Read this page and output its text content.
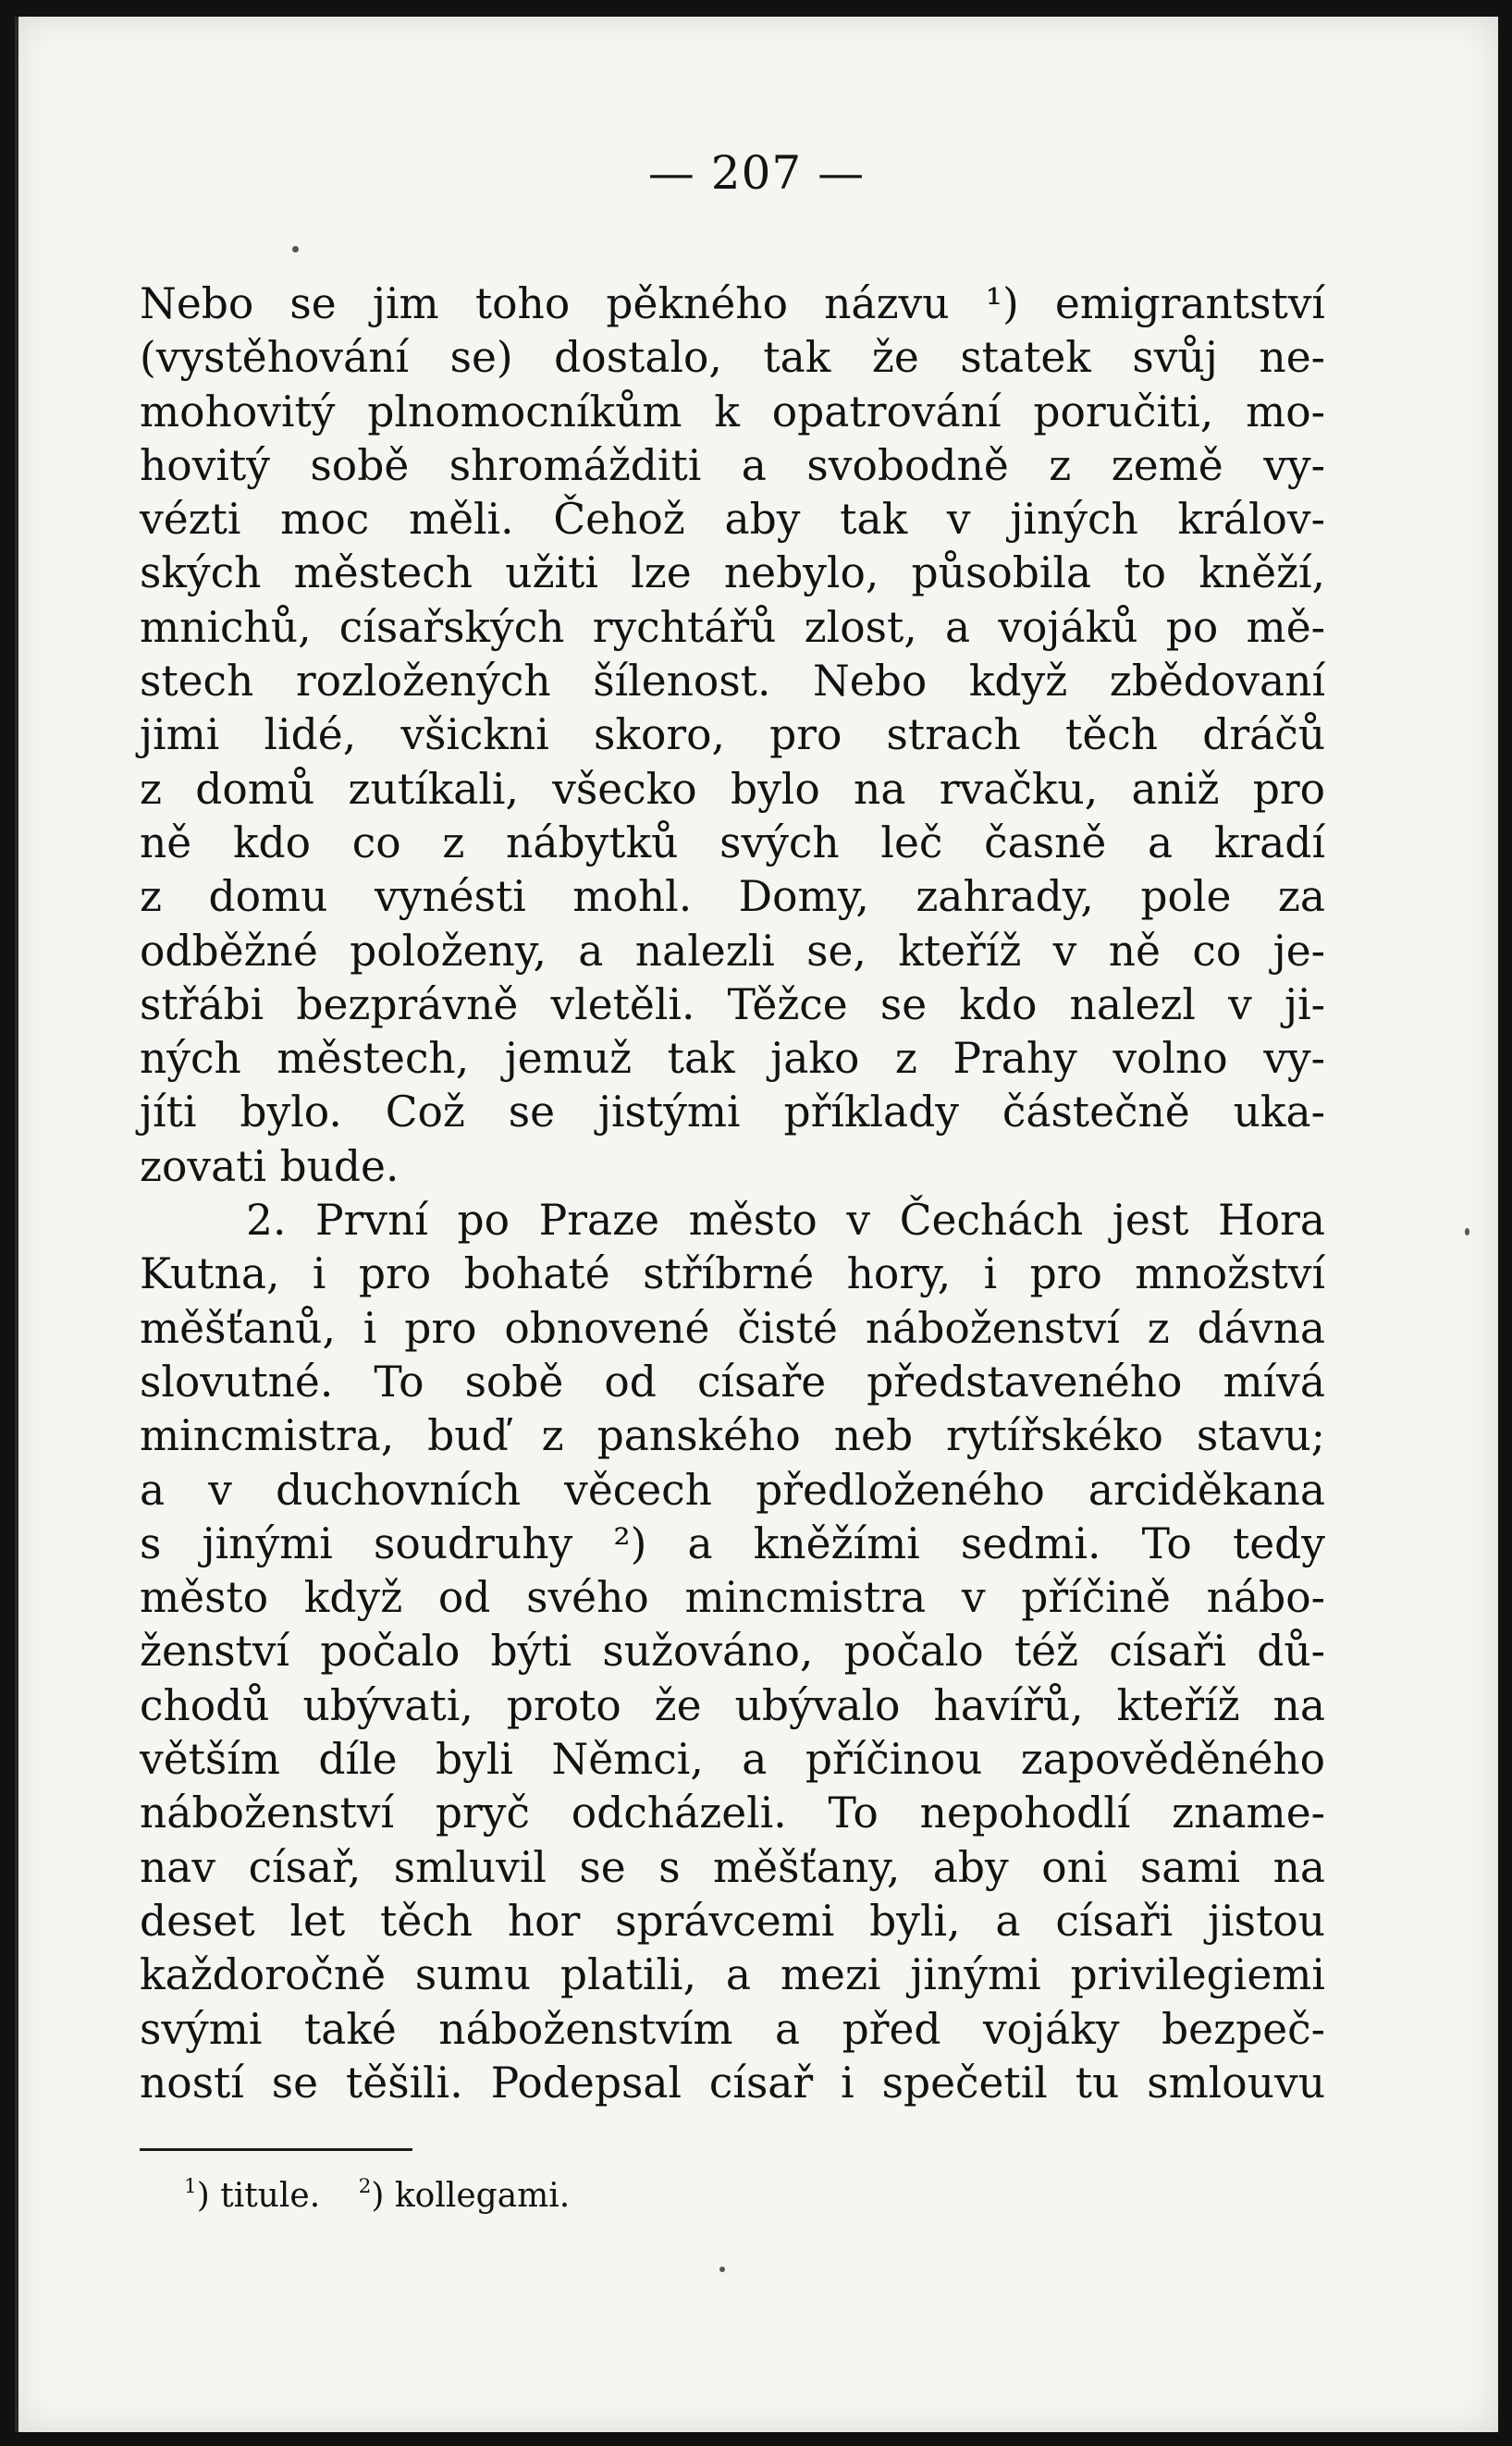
— 207 —
Nebo se jim toho pěkného názvu ¹) emigrantství
(vystěhování se) dostalo, tak že statek svůj ne-
mohovitý plnomocníkům k opatrování poručiti, mo-
hovitý sobě shromážditi a svobodně z země vy-
vézti moc měli. Čehož aby tak v jiných králov-
ských městech užiti lze nebylo, působila to kněží,
mnichů, císařských rychtářů zlost, a vojáků po mě-
stech rozložených šílenost. Nebo když zbědovaní
jimi lidé, všickni skoro, pro strach těch dráčů
z domů zutíkali, všecko bylo na rvačku, aniž pro
ně kdo co z nábytků svých leč časně a kradí
z domu vynésti mohl. Domy, zahrady, pole za
odběžné položeny, a nalezli se, kteříž v ně co je-
střábi bezprávně vletěli. Těžce se kdo nalezl v ji-
ných městech, jemuž tak jako z Prahy volno vy-
jíti bylo. Což se jistými příklady částečně uka-
zovati bude.
2. První po Praze město v Čechách jest Hora
Kutna, i pro bohaté stříbrné hory, i pro množství
měšťanů, i pro obnovené čisté náboženství z dávna
slovutné. To sobě od císaře představeného mívá
mincmistra, buď z panského neb rytířskéko stavu;
a v duchovních věcech předloženého arciděkana
s jinými soudruhy ²) a kněžími sedmi. To tedy
město když od svého mincmistra v příčině nábo-
ženství počalo býti sužováno, počalo též císaři dů-
chodů ubývati, proto že ubývalo havířů, kteříž na
větším díle byli Němci, a příčinou zapověděného
náboženství pryč odcházeli. To nepohodlí zname-
nav císař, smluvil se s měšťany, aby oni sami na
deset let těch hor správcemi byli, a císaři jistou
každoročně sumu platili, a mezi jinými privilegiemi
svými také náboženstvím a před vojáky bezpeč-
ností se těšili. Podepsal císař i spečetil tu smlouvu
$^1$) titule. $^2$) kollegami.
